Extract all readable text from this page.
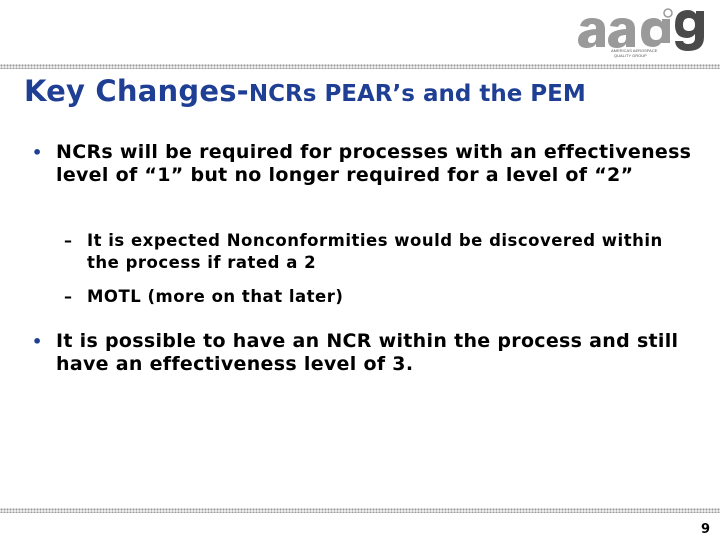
AMERICAS AEROSPACE
QUALITY GROUP
Key Changes-NCRs PEAR’s and the PEM
• NCRs will be required for processes with an effectiveness level of “1” but no longer required for a level of “2”
– It is expected Nonconformities would be discovered within the process if rated a 2
– MOTL (more on that later)
• It is possible to have an NCR within the process and still have an effectiveness level of 3.
9
